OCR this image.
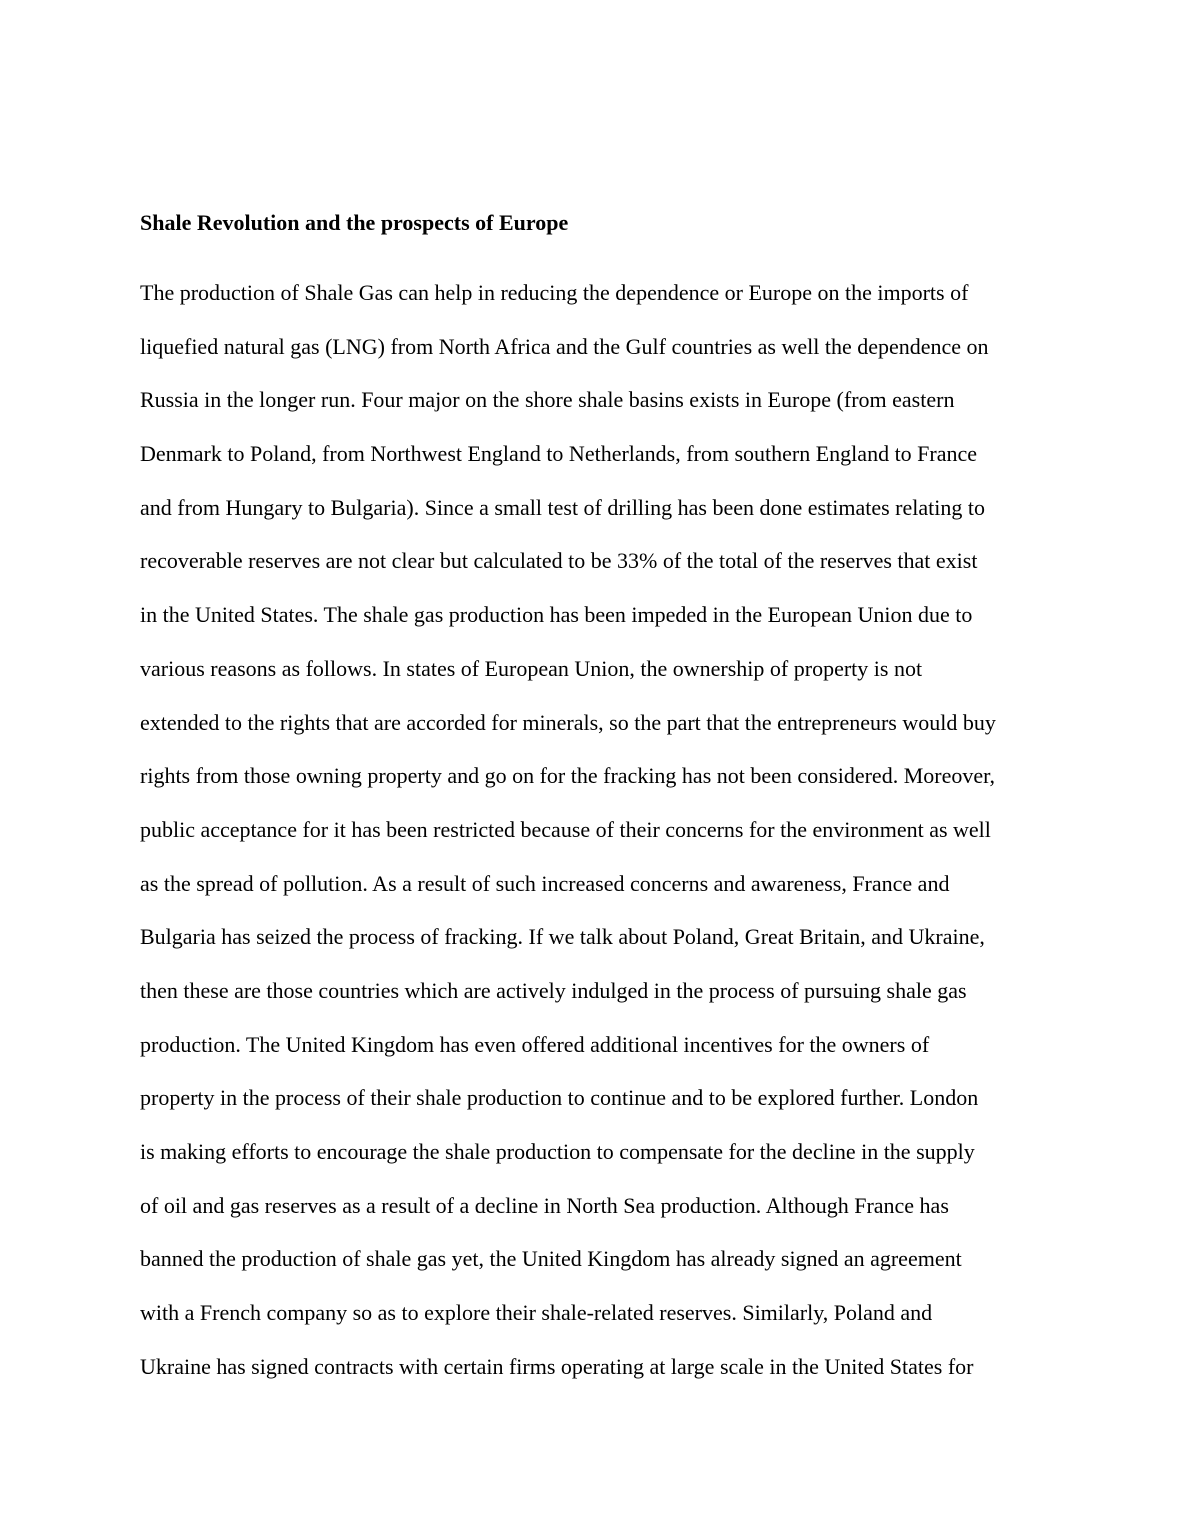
Shale Revolution and the prospects of Europe
The production of Shale Gas can help in reducing the dependence or Europe on the imports of
liquefied natural gas (LNG) from North Africa and the Gulf countries as well the dependence on
Russia in the longer run. Four major on the shore shale basins exists in Europe (from eastern
Denmark to Poland, from Northwest England to Netherlands, from southern England to France
and from Hungary to Bulgaria). Since a small test of drilling has been done estimates relating to
recoverable reserves are not clear but calculated to be 33% of the total of the reserves that exist
in the United States. The shale gas production has been impeded in the European Union due to
various reasons as follows. In states of European Union, the ownership of property is not
extended to the rights that are accorded for minerals, so the part that the entrepreneurs would buy
rights from those owning property and go on for the fracking has not been considered. Moreover,
public acceptance for it has been restricted because of their concerns for the environment as well
as the spread of pollution. As a result of such increased concerns and awareness, France and
Bulgaria has seized the process of fracking. If we talk about Poland, Great Britain, and Ukraine,
then these are those countries which are actively indulged in the process of pursuing shale gas
production. The United Kingdom has even offered additional incentives for the owners of
property in the process of their shale production to continue and to be explored further. London
is making efforts to encourage the shale production to compensate for the decline in the supply
of oil and gas reserves as a result of a decline in North Sea production. Although France has
banned the production of shale gas yet, the United Kingdom has already signed an agreement
with a French company so as to explore their shale-related reserves. Similarly, Poland and
Ukraine has signed contracts with certain firms operating at large scale in the United States for
